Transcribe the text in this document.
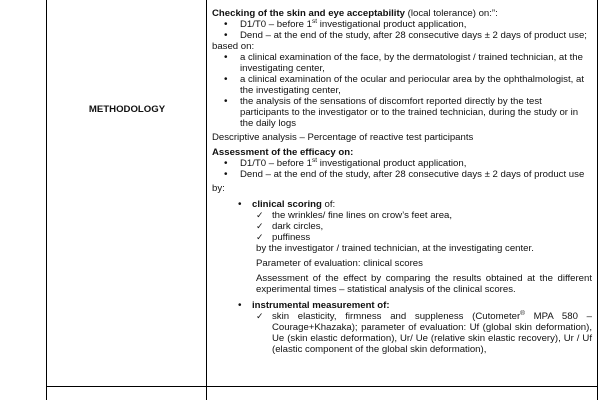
METHODOLOGY

Checking of the skin and eye acceptability (local tolerance) on:”:

• D1/T0 – before 1st investigational product application,
• Dend – at the end of the study, after 28 consecutive days ± 2 days of product use;

based on:

• a clinical examination of the face, by the dermatologist / trained technician, at the investigating center,
• a clinical examination of the ocular and periocular area by the ophthalmologist, at the investigating center,
• the analysis of the sensations of discomfort reported directly by the test participants to the investigator or to the trained technician, during the study or in the daily logs

Descriptive analysis – Percentage of reactive test participants

Assessment of the efficacy on:

• D1/T0 – before 1st investigational product application,
• Dend – at the end of the study, after 28 consecutive days ± 2 days of product use

by:

• clinical scoring of:

✓ the wrinkles/ fine lines on crow’s feet area,
✓ dark circles,
✓ puffiness

by the investigator / trained technician, at the investigating center.

Parameter of evaluation: clinical scores

Assessment of the effect by comparing the results obtained at the different experimental times – statistical analysis of the clinical scores.

• instrumental measurement of:

✓ skin elasticity, firmness and suppleness (Cutometer® MPA 580 – Courage+Khazaka); parameter of evaluation: Uf (global skin deformation), Ue (skin elastic deformation), Ur/ Ue (relative skin elastic recovery), Ur / Uf (elastic component of the global skin deformation),
